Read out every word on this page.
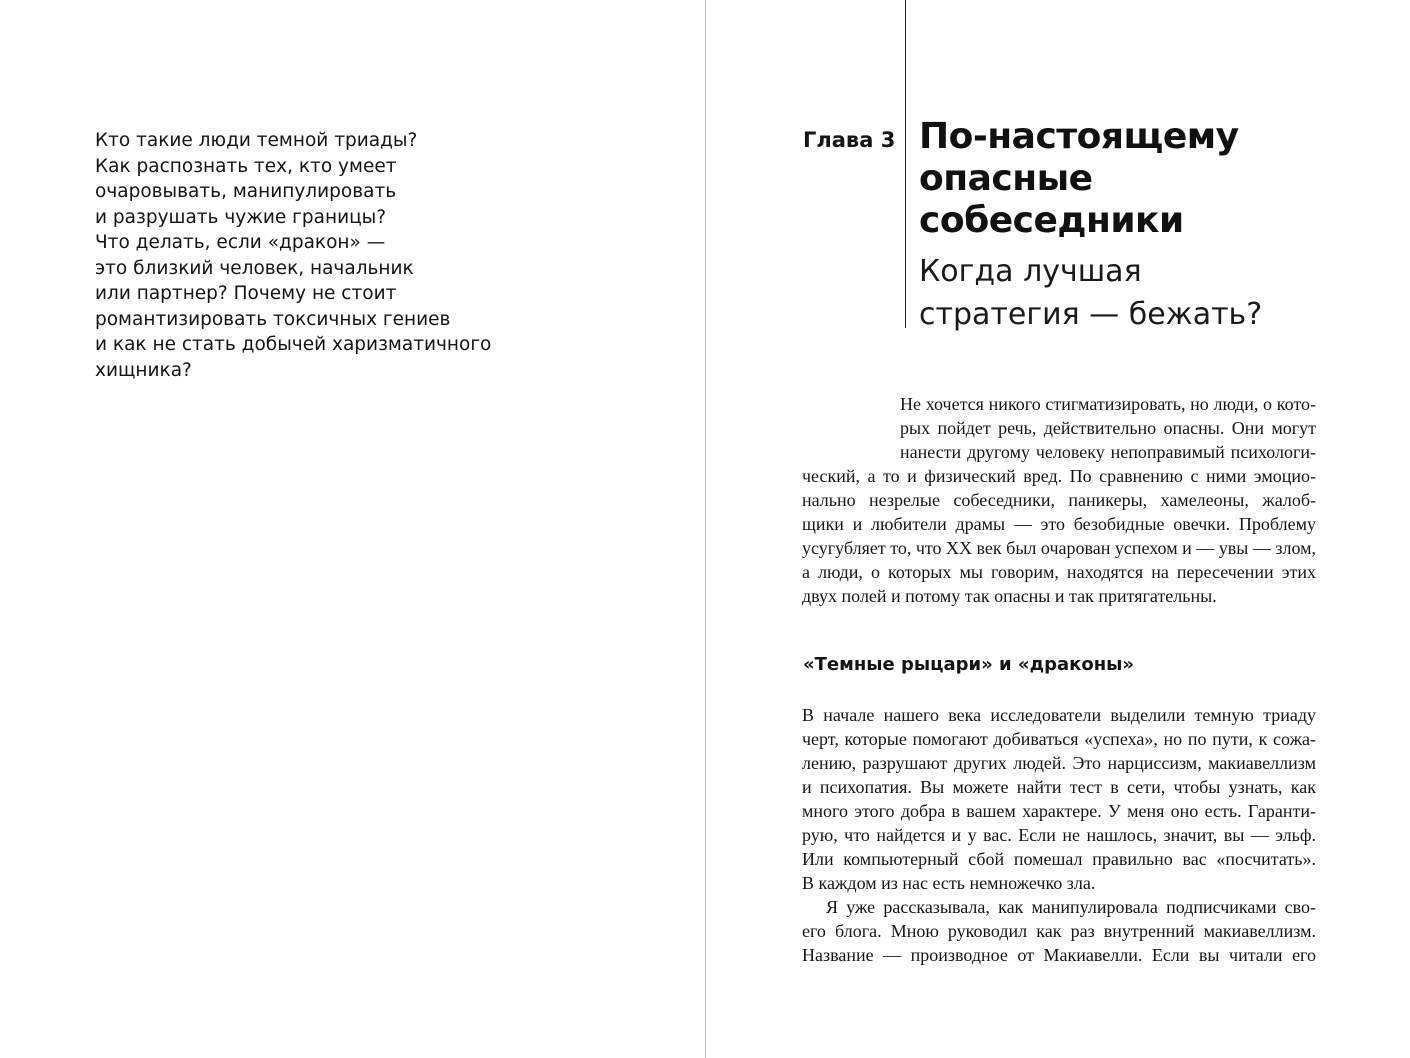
Кто такие люди темной триады?
Как распознать тех, кто умеет
очаровывать, манипулировать
и разрушать чужие границы?
Что делать, если «дракон» —
это близкий человек, начальник
или партнер? Почему не стоит
романтизировать токсичных гениев
и как не стать добычей харизматичного
хищника?
Глава 3 По-настоящему
опасные
собеседники
Когда лучшая
стратегия — бежать?
Не хочется никого стигматизировать, но люди, о кото-
рых пойдет речь, действительно опасны. Они могут
нанести другому человеку непоправимый психологи-
ческий, а то и физический вред. По сравнению с ними эмоцио-
нально незрелые собеседники, паникеры, хамелеоны, жалоб-
щики и любители драмы — это безобидные овечки. Проблему
усугубляет то, что XX век был очарован успехом и — увы — злом,
а люди, о которых мы говорим, находятся на пересечении этих
двух полей и потому так опасны и так притягательны.
«Темные рыцари» и «драконы»
В начале нашего века исследователи выделили темную триаду
черт, которые помогают добиваться «успеха», но по пути, к сожа-
лению, разрушают других людей. Это нарциссизм, макиавеллизм
и психопатия. Вы можете найти тест в сети, чтобы узнать, как
много этого добра в вашем характере. У меня оно есть. Гаранти-
рую, что найдется и у вас. Если не нашлось, значит, вы — эльф.
Или компьютерный сбой помешал правильно вас «посчитать».
В каждом из нас есть немножечко зла.
Я уже рассказывала, как манипулировала подписчиками сво-
его блога. Мною руководил как раз внутренний макиавеллизм.
Название — производное от Макиавелли. Если вы читали его
